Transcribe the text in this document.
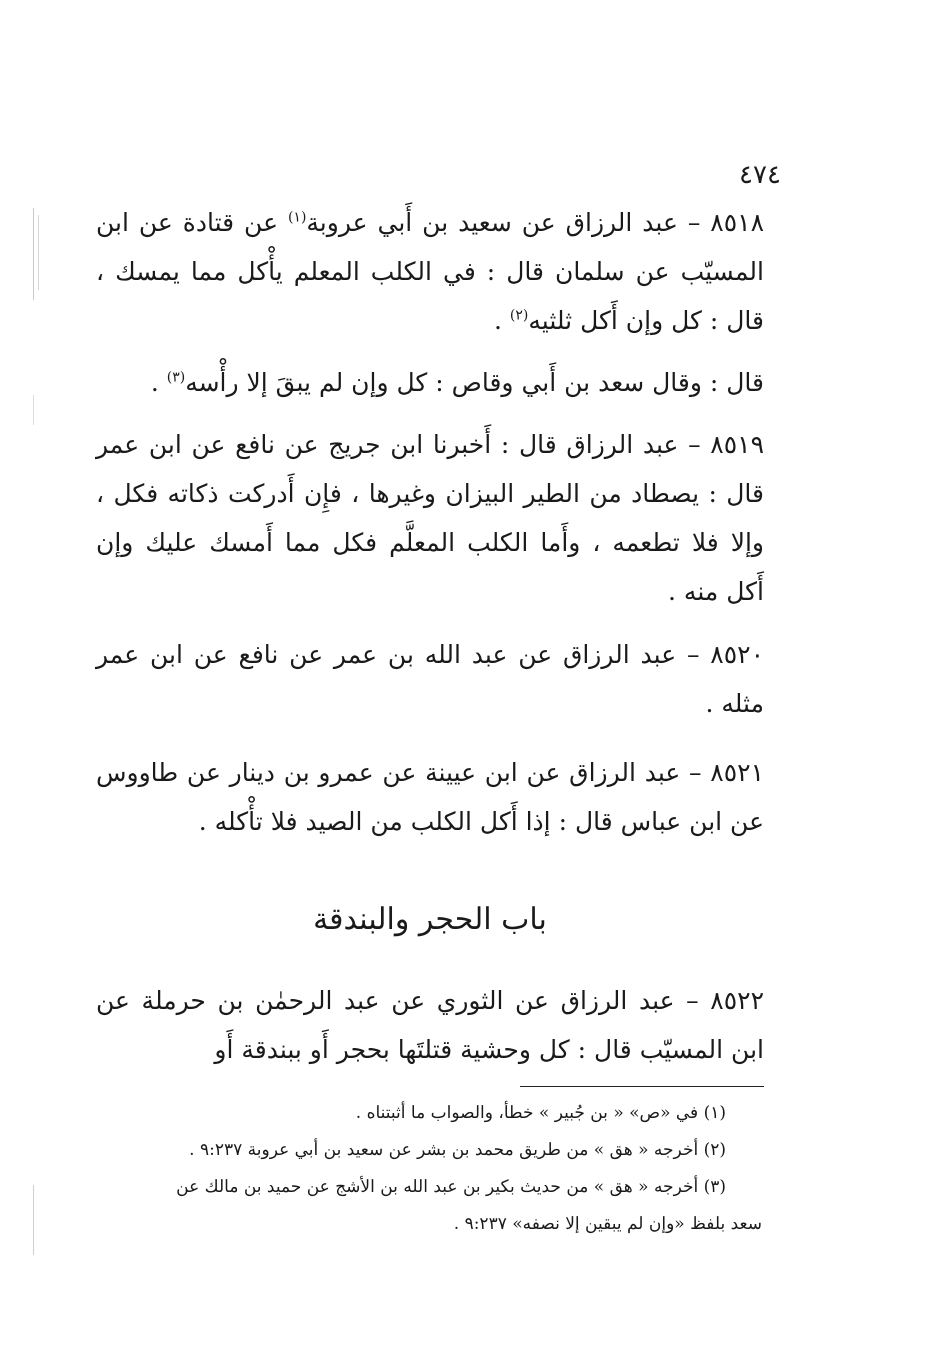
٤٧٤

٨٥١٨ – عبد الرزاق عن سعيد بن أَبي عروبة$^{(١)}$ عن قتادة عن ابن المسيّب عن سلمان قال : في الكلب المعلم يأْكل مما يمسك ، قال : كل وإن أَكل ثلثيه$^{(٢)}$ .

قال : وقال سعد بن أَبي وقاص : كل وإن لم يبقَ إلا رأْسه$^{(٣)}$ .

٨٥١٩ – عبد الرزاق قال : أَخبرنا ابن جريج عن نافع عن ابن عمر قال : يصطاد من الطير البيزان وغيرها ، فإِن أَدركت ذكاته فكل ، وإلا فلا تطعمه ، وأَما الكلب المعلَّم فكل مما أَمسك عليك وإن أَكل منه .

٨٥٢٠ – عبد الرزاق عن عبد الله بن عمر عن نافع عن ابن عمر مثله .

٨٥٢١ – عبد الرزاق عن ابن عيينة عن عمرو بن دينار عن طاووس عن ابن عباس قال : إذا أَكل الكلب من الصيد فلا تأْكله .

باب الحجر والبندقة

٨٥٢٢ – عبد الرزاق عن الثوري عن عبد الرحمٰن بن حرملة عن ابن المسيّب قال : كل وحشية قتلتَها بحجر أَو ببندقة أَو

(١) في «ص» « بن جُبير » خطأ، والصواب ما أثبتناه .

(٢) أخرجه « هق » من طريق محمد بن بشر عن سعيد بن أبي عروبة ٩:٢٣٧ .

(٣) أخرجه « هق » من حديث بكير بن عبد الله بن الأشج عن حميد بن مالك عن

سعد بلفظ «وإن لم يبقين إلا نصفه» ٩:٢٣٧ .
